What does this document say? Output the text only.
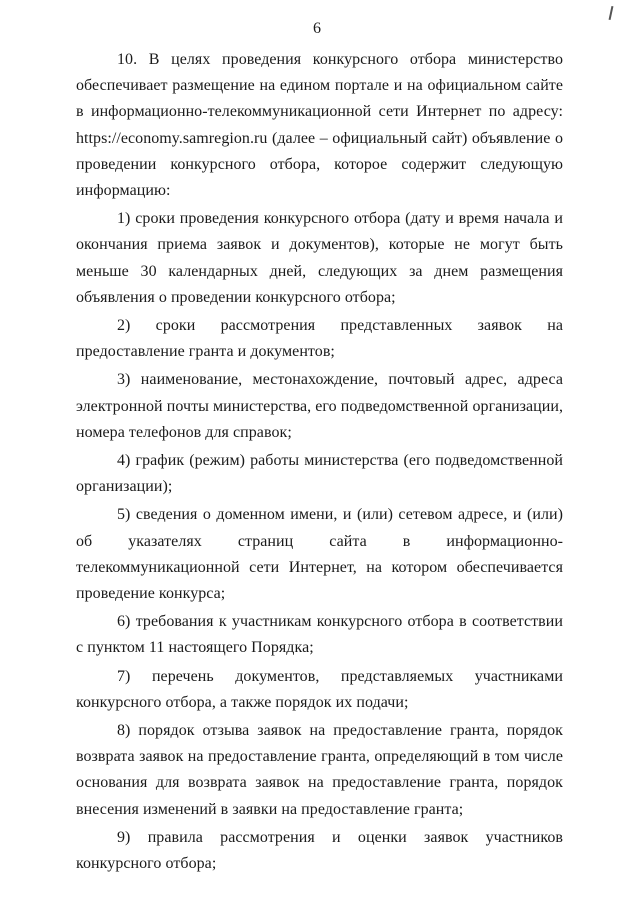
6

10. В целях проведения конкурсного отбора министерство обеспечивает размещение на едином портале и на официальном сайте в информационно-телекоммуникационной сети Интернет по адресу: https://economy.samregion.ru (далее – официальный сайт) объявление о проведении конкурсного отбора, которое содержит следующую информацию:

1) сроки проведения конкурсного отбора (дату и время начала и окончания приема заявок и документов), которые не могут быть меньше 30 календарных дней, следующих за днем размещения объявления о проведении конкурсного отбора;

2) сроки рассмотрения представленных заявок на предоставление гранта и документов;

3) наименование, местонахождение, почтовый адрес, адреса электронной почты министерства, его подведомственной организации, номера телефонов для справок;

4) график (режим) работы министерства (его подведомственной организации);

5) сведения о доменном имени, и (или) сетевом адресе, и (или) об указателях страниц сайта в информационно-телекоммуникационной сети Интернет, на котором обеспечивается проведение конкурса;

6) требования к участникам конкурсного отбора в соответствии с пунктом 11 настоящего Порядка;

7) перечень документов, представляемых участниками конкурсного отбора, а также порядок их подачи;

8) порядок отзыва заявок на предоставление гранта, порядок возврата заявок на предоставление гранта, определяющий в том числе основания для возврата заявок на предоставление гранта, порядок внесения изменений в заявки на предоставление гранта;

9) правила рассмотрения и оценки заявок участников конкурсного отбора;
